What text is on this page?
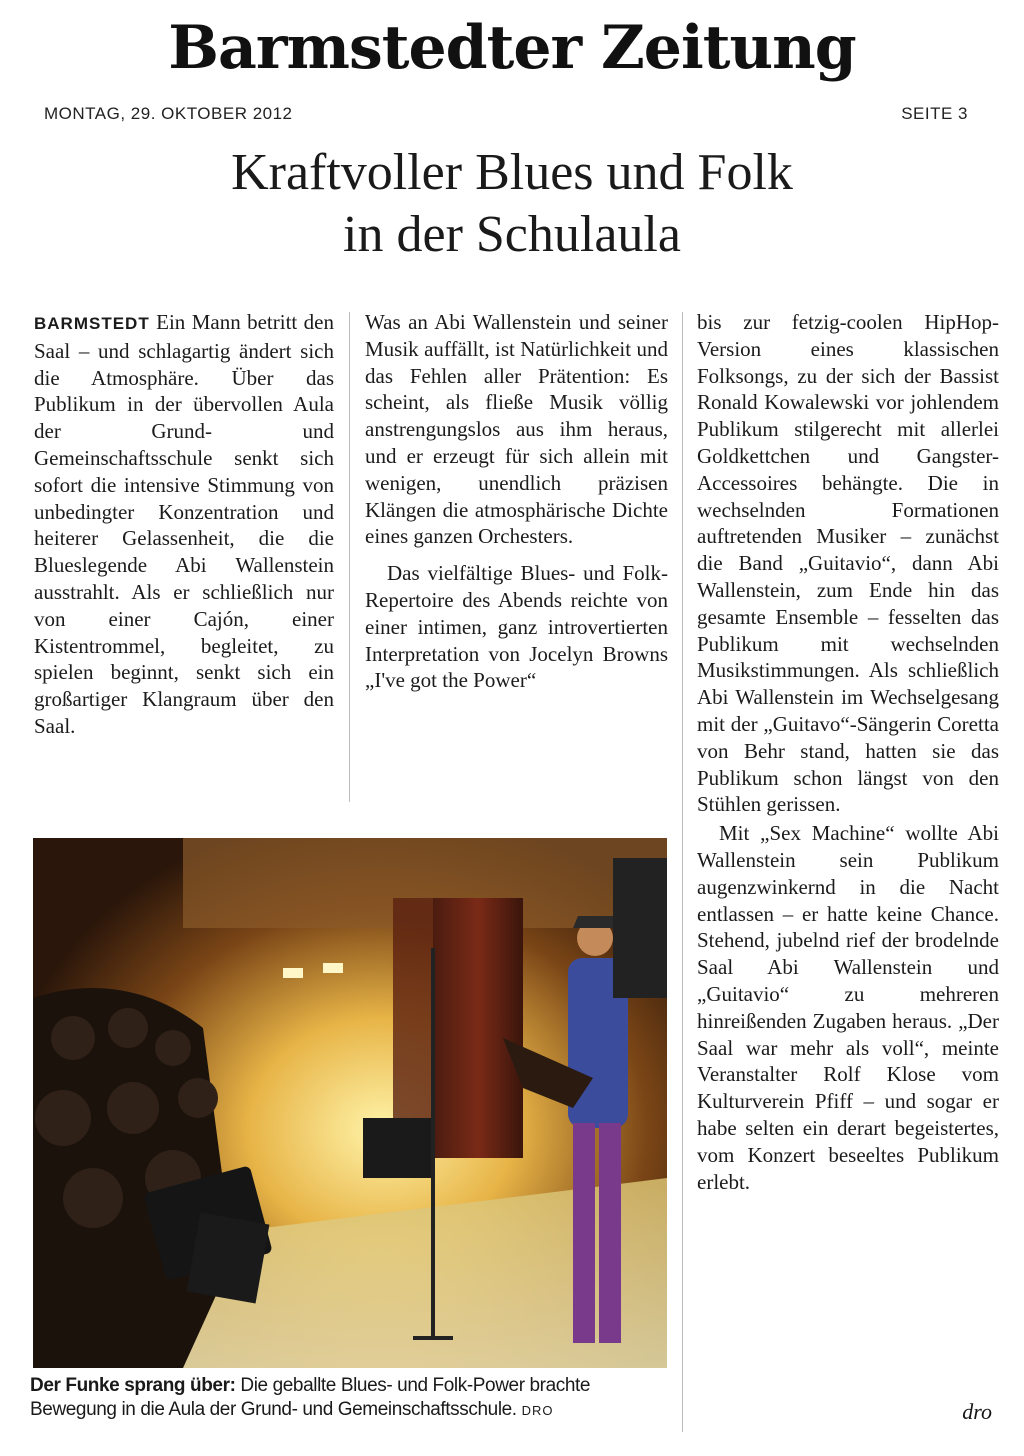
Barmstedter Zeitung
MONTAG, 29. OKTOBER 2012	SEITE 3
Kraftvoller Blues und Folk
in der Schulaula

BARMSTEDT Ein Mann betritt den Saal – und schlagartig ändert sich die Atmosphäre. Über das Publikum in der übervollen Aula der Grund- und Gemeinschaftsschule senkt sich sofort die intensive Stimmung von unbedingter Konzentration und heiterer Gelassenheit, die die Blueslegende Abi Wallenstein ausstrahlt. Als er schließlich nur von einer Cajón, einer Kistentrommel, begleitet, zu spielen beginnt, senkt sich ein großartiger Klangraum über den Saal.

Was an Abi Wallenstein und seiner Musik auffällt, ist Natürlichkeit und das Fehlen aller Prätention: Es scheint, als fließe Musik völlig anstrengungslos aus ihm heraus, und er erzeugt für sich allein mit wenigen, unendlich präzisen Klängen die atmosphärische Dichte eines ganzen Orchesters.

Das vielfältige Blues- und Folk-Repertoire des Abends reichte von einer intimen, ganz introvertierten Interpretation von Jocelyn Browns „I've got the Power“

bis zur fetzig-coolen HipHop-Version eines klassischen Folksongs, zu der sich der Bassist Ronald Kowalewski vor johlendem Publikum stilgerecht mit allerlei Goldkettchen und Gangster-Accessoires behängte. Die in wechselnden Formationen auftretenden Musiker – zunächst die Band „Guitavio“, dann Abi Wallenstein, zum Ende hin das gesamte Ensemble – fesselten das Publikum mit wechselnden Musikstimmungen. Als schließlich Abi Wallenstein im Wechselgesang mit der „Guitavo“-Sängerin Coretta von Behr stand, hatten sie das Publikum schon längst von den Stühlen gerissen.

Mit „Sex Machine“ wollte Abi Wallenstein sein Publikum augenzwinkernd in die Nacht entlassen – er hatte keine Chance. Stehend, jubelnd rief der brodelnde Saal Abi Wallenstein und „Guitavio“ zu mehreren hinreißenden Zugaben heraus. „Der Saal war mehr als voll“, meinte Veranstalter Rolf Klose vom Kulturverein Pfiff – und sogar er habe selten ein derart begeistertes, vom Konzert beseeltes Publikum erlebt.

dro
Der Funke sprang über: Die geballte Blues- und Folk-Power brachte Bewegung in die Aula der Grund- und Gemeinschaftsschule. DRO
